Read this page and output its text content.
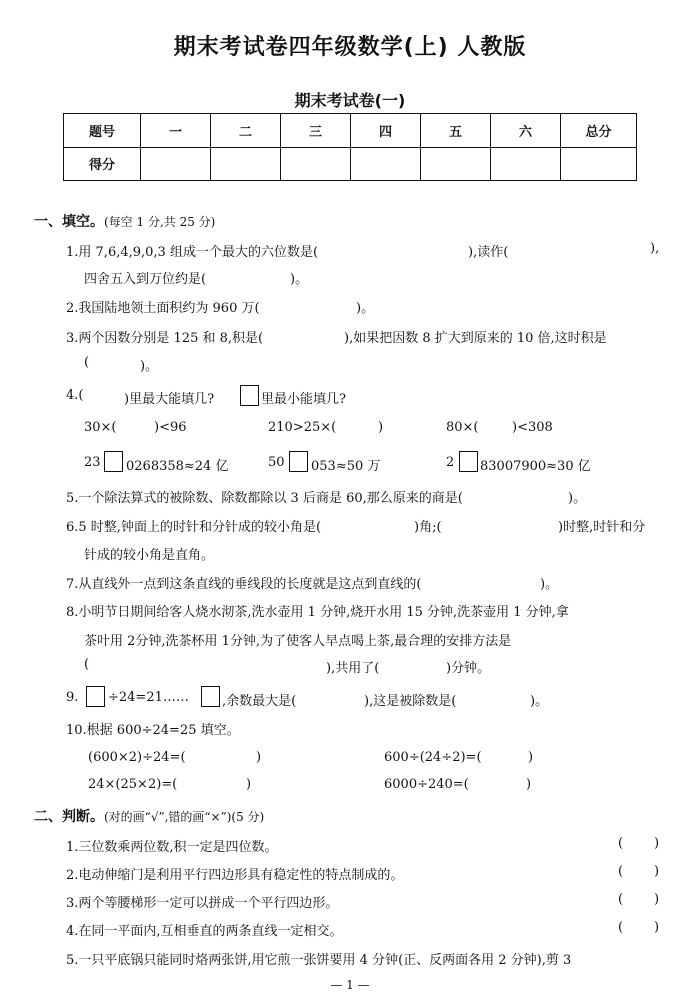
期末考试卷四年级数学(上) 人教版
期末考试卷(一)
题号	一	二	三	四	五	六	总分
得分							
一、填空。(每空 1 分,共 25 分)
1.用 7,6,4,9,0,3 组成一个最大的六位数是(	),读作(	),
四舍五入到万位约是(	)。
2.我国陆地领土面积约为 960 万(	)。
3.两个因数分别是 125 和 8,积是(	),如果把因数 8 扩大到原来的 10 倍,这时积是
(	)。
4.(	)里最大能填几?	里最小能填几?
30×(	)<96	210>25×(	)	80×(	)<308
23 0268358≈24 亿	50 053≈50 万	2 83007900≈30 亿
5.一个除法算式的被除数、除数都除以 3 后商是 60,那么原来的商是(	)。
6.5 时整,钟面上的时针和分针成的较小角是(	)角;(	)时整,时针和分
针成的较小角是直角。
7.从直线外一点到这条直线的垂线段的长度就是这点到直线的(	)。
8.小明节日期间给客人烧水沏茶,洗水壶用 1 分钟,烧开水用 15 分钟,洗茶壶用 1 分钟,拿
茶叶用 2分钟,洗茶杯用 1分钟,为了使客人早点喝上茶,最合理的安排方法是
(	),共用了(	)分钟。
9. ÷24=21……	,余数最大是(	),这是被除数是(	)。
10.根据 600÷24=25 填空。
(600×2)÷24=(	)	600÷(24÷2)=(	)
24×(25×2)=(	)	6000÷240=(	)
二、判断。(对的画“√”,错的画“×”)(5 分)
1.三位数乘两位数,积一定是四位数。	( )
2.电动伸缩门是利用平行四边形具有稳定性的特点制成的。	( )
3.两个等腰梯形一定可以拼成一个平行四边形。	( )
4.在同一平面内,互相垂直的两条直线一定相交。	( )
5.一只平底锅只能同时烙两张饼,用它煎一张饼要用 4 分钟(正、反两面各用 2 分钟),剪 3
— 1 —
